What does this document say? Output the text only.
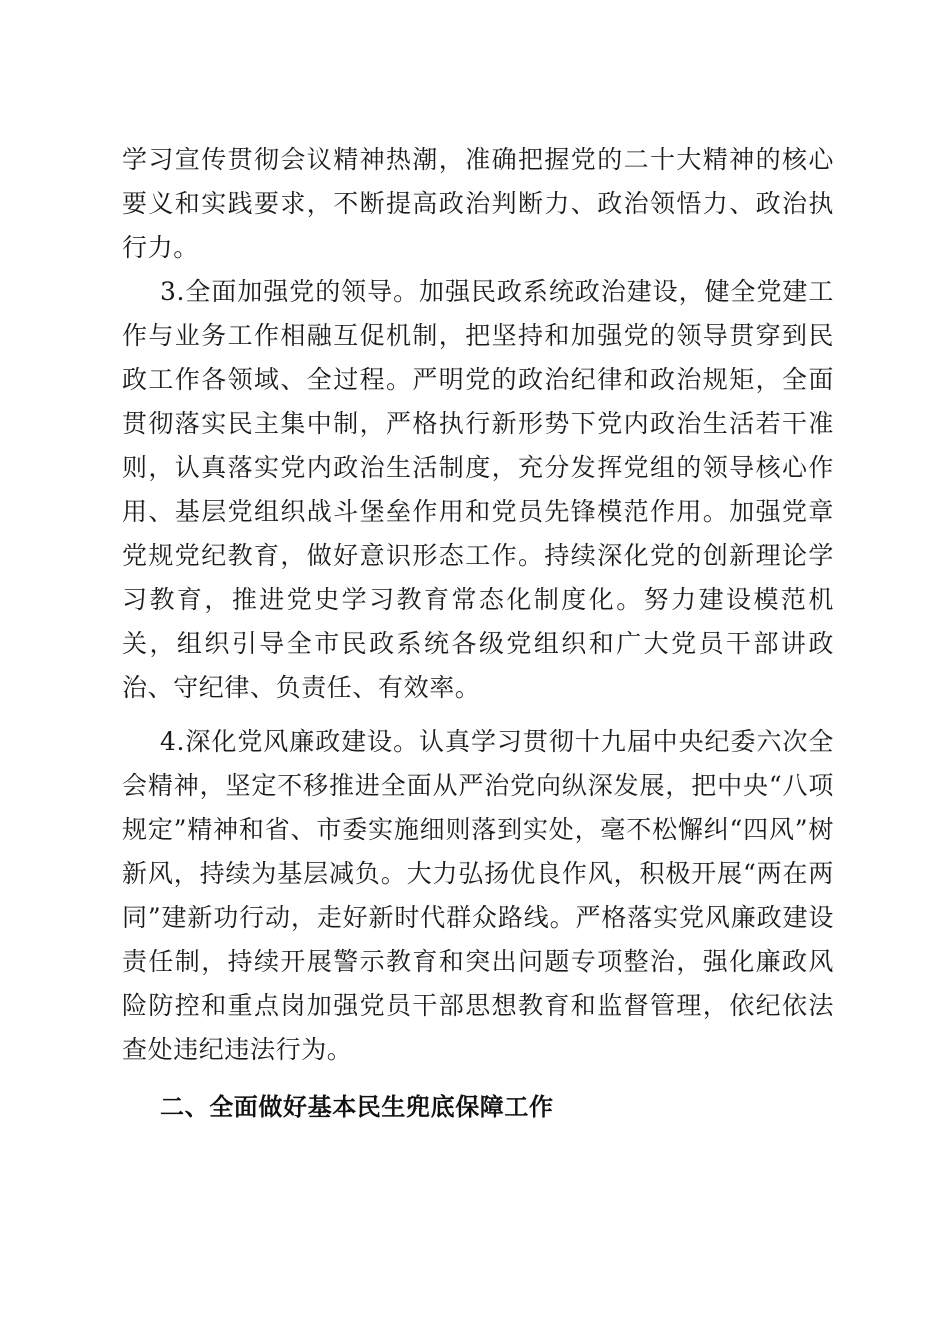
学习宣传贯彻会议精神热潮，准确把握党的二十大精神的核心要义和实践要求，不断提高政治判断力、政治领悟力、政治执行力。

3.全面加强党的领导。加强民政系统政治建设，健全党建工作与业务工作相融互促机制，把坚持和加强党的领导贯穿到民政工作各领域、全过程。严明党的政治纪律和政治规矩，全面贯彻落实民主集中制，严格执行新形势下党内政治生活若干准则，认真落实党内政治生活制度，充分发挥党组的领导核心作用、基层党组织战斗堡垒作用和党员先锋模范作用。加强党章党规党纪教育，做好意识形态工作。持续深化党的创新理论学习教育，推进党史学习教育常态化制度化。努力建设模范机关，组织引导全市民政系统各级党组织和广大党员干部讲政治、守纪律、负责任、有效率。

4.深化党风廉政建设。认真学习贯彻十九届中央纪委六次全会精神，坚定不移推进全面从严治党向纵深发展，把中央“八项规定”精神和省、市委实施细则落到实处，毫不松懈纠“四风”树新风，持续为基层减负。大力弘扬优良作风，积极开展“两在两同”建新功行动，走好新时代群众路线。严格落实党风廉政建设责任制，持续开展警示教育和突出问题专项整治，强化廉政风险防控和重点岗加强党员干部思想教育和监督管理，依纪依法查处违纪违法行为。

二、全面做好基本民生兜底保障工作
